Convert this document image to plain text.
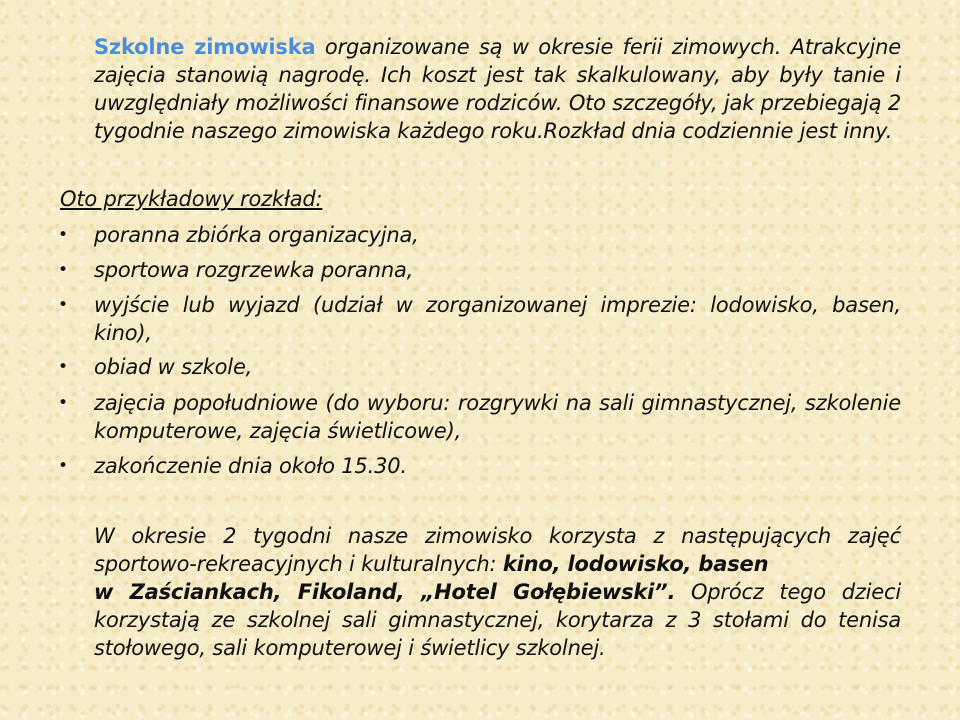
Szkolne zimowiska organizowane są w okresie ferii zimowych. Atrakcyjne zajęcia stanowią nagrodę. Ich koszt jest tak skalkulowany, aby były tanie i uwzględniały możliwości finansowe rodziców. Oto szczegóły, jak przebiegają 2 tygodnie naszego zimowiska każdego roku.Rozkład dnia codziennie jest inny.

Oto przykładowy rozkład:

• poranna zbiórka organizacyjna,
• sportowa rozgrzewka poranna,
• wyjście lub wyjazd (udział w zorganizowanej imprezie: lodowisko, basen, kino),
• obiad w szkole,
• zajęcia popołudniowe (do wyboru: rozgrywki na sali gimnastycznej, szkolenie komputerowe, zajęcia świetlicowe),
• zakończenie dnia około 15.30.

W okresie 2 tygodni nasze zimowisko korzysta z następujących zajęć sportowo-rekreacyjnych i kulturalnych: kino, lodowisko, basen
w Zaściankach, Fikoland, „Hotel Gołębiewski”. Oprócz tego dzieci korzystają ze szkolnej sali gimnastycznej, korytarza z 3 stołami do tenisa stołowego, sali komputerowej i świetlicy szkolnej.
